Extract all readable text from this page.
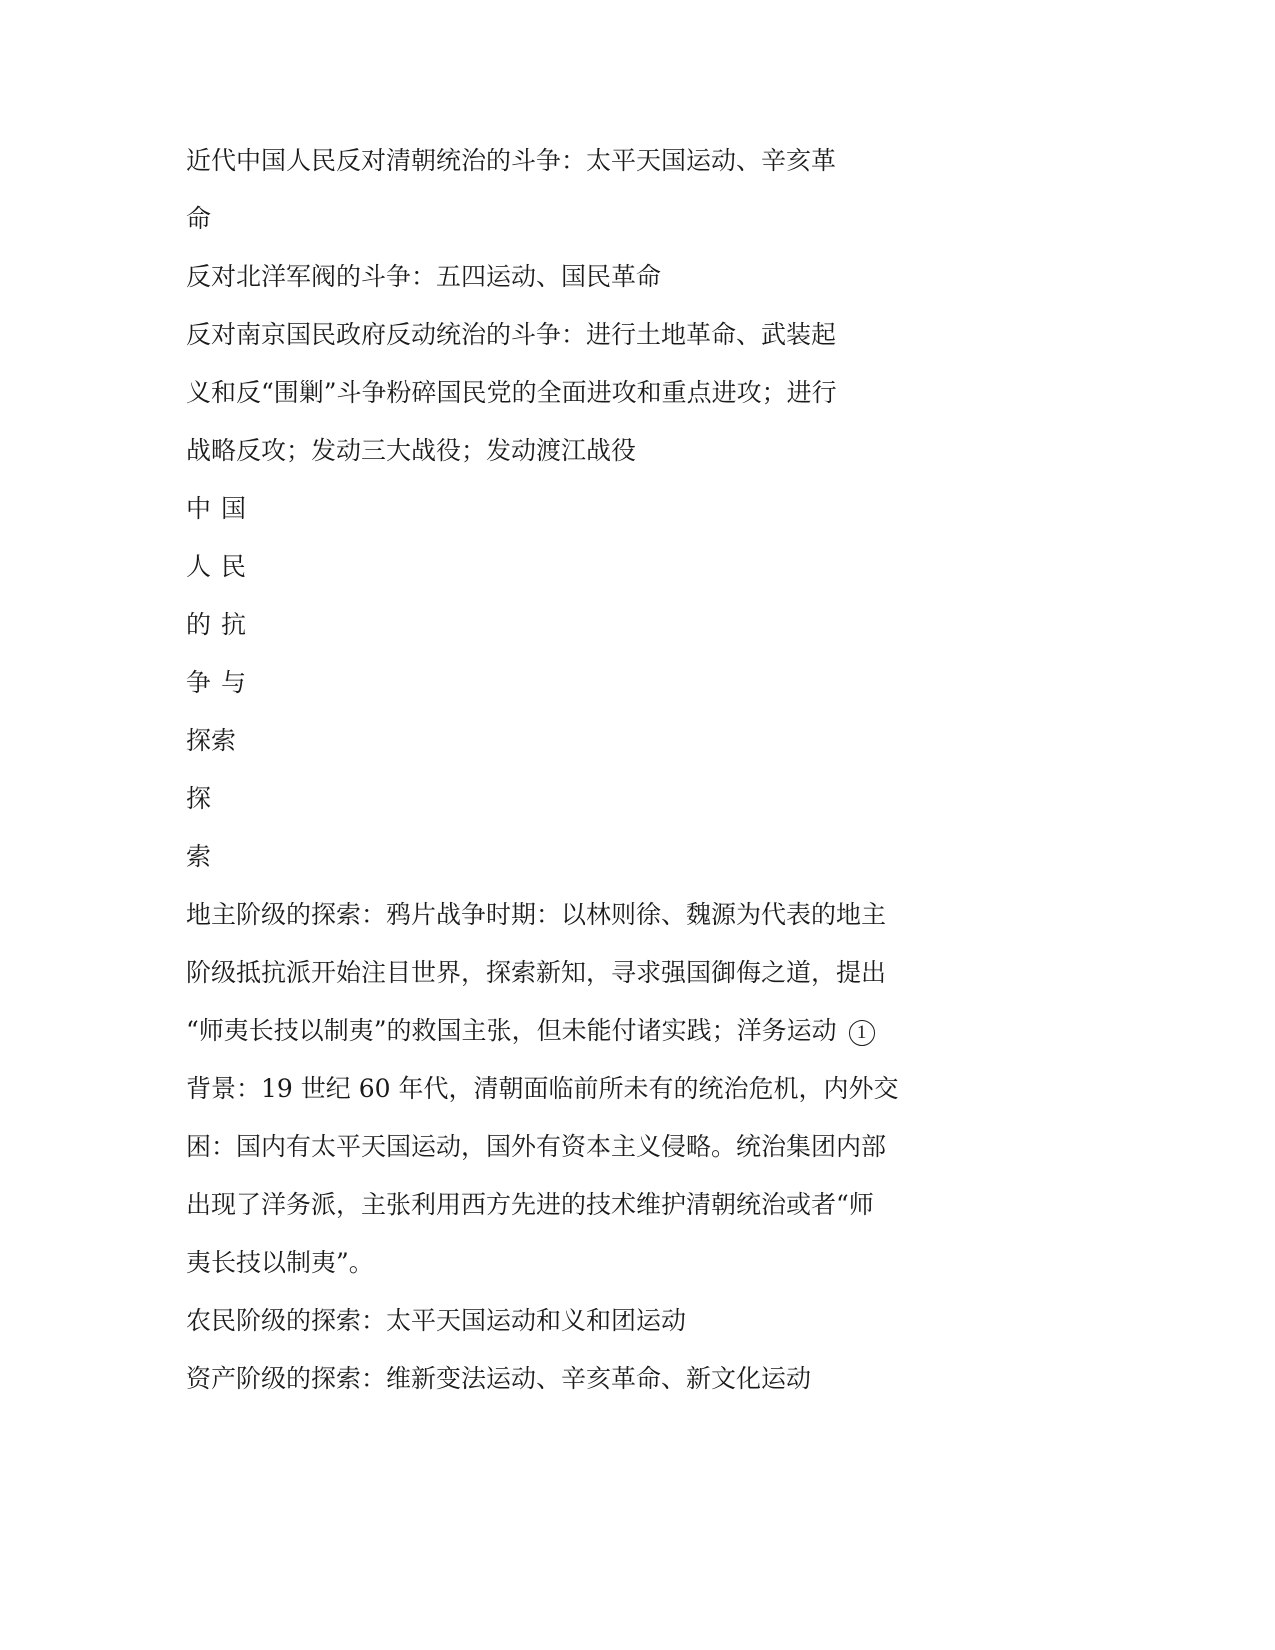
近代中国人民反对清朝统治的斗争：太平天国运动、辛亥革
命
反对北洋军阀的斗争：五四运动、国民革命
反对南京国民政府反动统治的斗争：进行土地革命、武装起
义和反“围剿”斗争粉碎国民党的全面进攻和重点进攻；进行
战略反攻；发动三大战役；发动渡江战役
中国
人民
的抗
争与
探索
探
索
地主阶级的探索：鸦片战争时期：以林则徐、魏源为代表的地主
阶级抵抗派开始注目世界，探索新知，寻求强国御侮之道，提出
“师夷长技以制夷”的救国主张，但未能付诸实践；洋务运动 1
背景：19 世纪 60 年代，清朝面临前所未有的统治危机，内外交
困：国内有太平天国运动，国外有资本主义侵略。统治集团内部
出现了洋务派，主张利用西方先进的技术维护清朝统治或者“师
夷长技以制夷”。
农民阶级的探索：太平天国运动和义和团运动
资产阶级的探索：维新变法运动、辛亥革命、新文化运动
